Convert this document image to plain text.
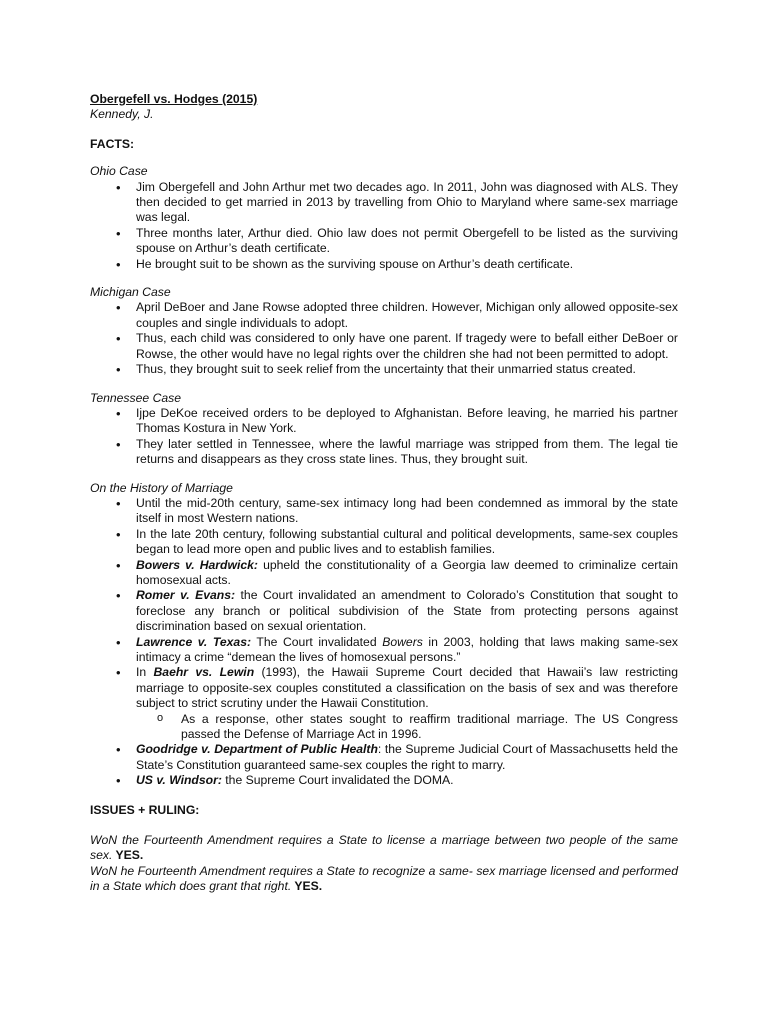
Obergefell vs. Hodges (2015)

Kennedy, J.

FACTS:

Ohio Case

• Jim Obergefell and John Arthur met two decades ago. In 2011, John was diagnosed with ALS. They then decided to get married in 2013 by travelling from Ohio to Maryland where same-sex marriage was legal.
• Three months later, Arthur died. Ohio law does not permit Obergefell to be listed as the surviving spouse on Arthur’s death certificate.
• He brought suit to be shown as the surviving spouse on Arthur’s death certificate.

Michigan Case

• April DeBoer and Jane Rowse adopted three children. However, Michigan only allowed opposite-sex couples and single individuals to adopt.
• Thus, each child was considered to only have one parent. If tragedy were to befall either DeBoer or Rowse, the other would have no legal rights over the children she had not been permitted to adopt.
• Thus, they brought suit to seek relief from the uncertainty that their unmarried status created.

Tennessee Case

• Ijpe DeKoe received orders to be deployed to Afghanistan. Before leaving, he married his partner Thomas Kostura in New York.
• They later settled in Tennessee, where the lawful marriage was stripped from them. The legal tie returns and disappears as they cross state lines. Thus, they brought suit.

On the History of Marriage

• Until the mid-20th century, same-sex intimacy long had been condemned as immoral by the state itself in most Western nations.
• In the late 20th century, following substantial cultural and political developments, same-sex couples began to lead more open and public lives and to establish families.
• Bowers v. Hardwick: upheld the constitutionality of a Georgia law deemed to criminalize certain homosexual acts.
• Romer v. Evans: the Court invalidated an amendment to Colorado’s Constitution that sought to foreclose any branch or political subdivision of the State from protecting persons against discrimination based on sexual orientation.
• Lawrence v. Texas: The Court invalidated Bowers in 2003, holding that laws making same-sex intimacy a crime “demean the lives of homosexual persons.”
• In Baehr vs. Lewin (1993), the Hawaii Supreme Court decided that Hawaii’s law restricting marriage to opposite-sex couples constituted a classification on the basis of sex and was therefore subject to strict scrutiny under the Hawaii Constitution.
o As a response, other states sought to reaffirm traditional marriage. The US Congress passed the Defense of Marriage Act in 1996.
• Goodridge v. Department of Public Health: the Supreme Judicial Court of Massachusetts held the State’s Constitution guaranteed same-sex couples the right to marry.
• US v. Windsor: the Supreme Court invalidated the DOMA.
ISSUES + RULING:

WoN the Fourteenth Amendment requires a State to license a marriage between two people of the same sex. YES.

WoN he Fourteenth Amendment requires a State to recognize a same- sex marriage licensed and performed in a State which does grant that right. YES.
